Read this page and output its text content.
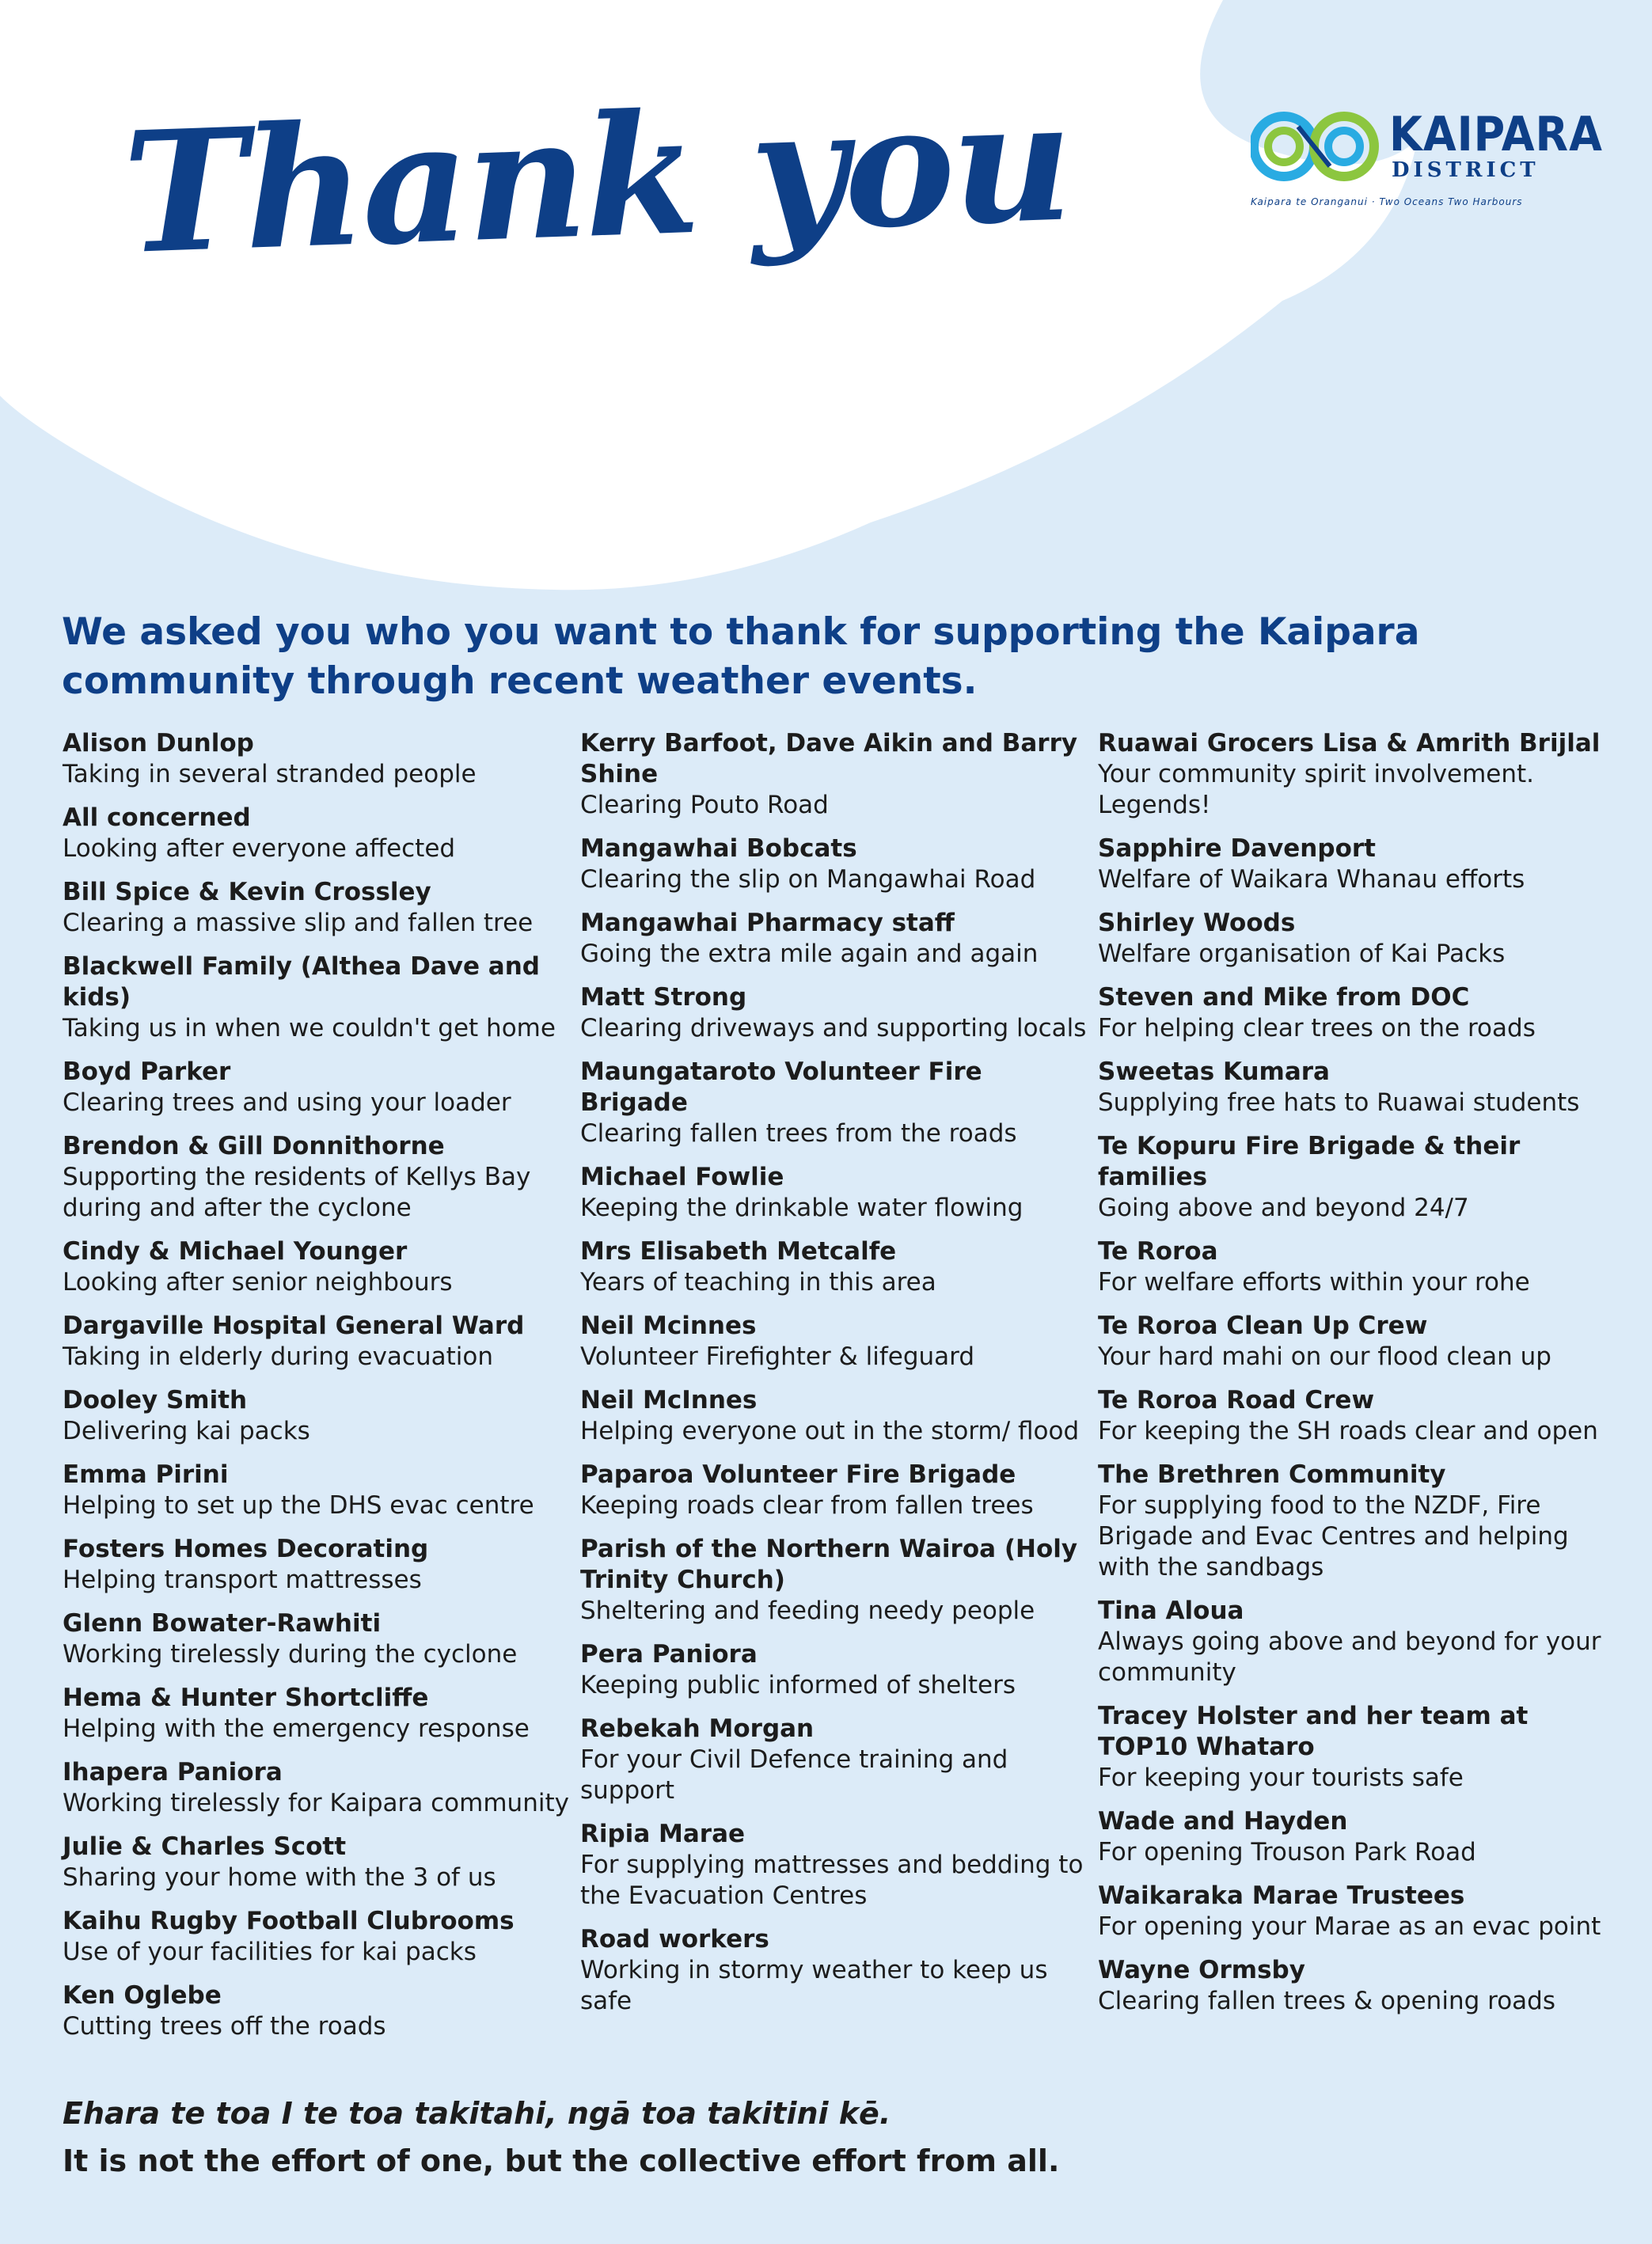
Thank you	KAIPARA
DISTRICT
Kaipara te Oranganui · Two Oceans Two Harbours
We asked you who you want to thank for supporting the Kaipara community through recent weather events.
Alison Dunlop
Taking in several stranded people
All concerned
Looking after everyone affected
Bill Spice & Kevin Crossley
Clearing a massive slip and fallen tree
Blackwell Family (Althea Dave and kids)
Taking us in when we couldn't get home
Boyd Parker
Clearing trees and using your loader
Brendon & Gill Donnithorne
Supporting the residents of Kellys Bay during and after the cyclone
Cindy & Michael Younger
Looking after senior neighbours
Dargaville Hospital General Ward
Taking in elderly during evacuation
Dooley Smith
Delivering kai packs
Emma Pirini
Helping to set up the DHS evac centre
Fosters Homes Decorating
Helping transport mattresses
Glenn Bowater-Rawhiti
Working tirelessly during the cyclone
Hema & Hunter Shortcliffe
Helping with the emergency response
Ihapera Paniora
Working tirelessly for Kaipara community
Julie & Charles Scott
Sharing your home with the 3 of us
Kaihu Rugby Football Clubrooms
Use of your facilities for kai packs
Ken Oglebe
Cutting trees off the roads
Kerry Barfoot, Dave Aikin and Barry Shine
Clearing Pouto Road
Mangawhai Bobcats
Clearing the slip on Mangawhai Road
Mangawhai Pharmacy staff
Going the extra mile again and again
Matt Strong
Clearing driveways and supporting locals
Maungataroto Volunteer Fire Brigade
Clearing fallen trees from the roads
Michael Fowlie
Keeping the drinkable water flowing
Mrs Elisabeth Metcalfe
Years of teaching in this area
Neil Mcinnes
Volunteer Firefighter & lifeguard
Neil McInnes
Helping everyone out in the storm/ flood
Paparoa Volunteer Fire Brigade
Keeping roads clear from fallen trees
Parish of the Northern Wairoa (Holy Trinity Church)
Sheltering and feeding needy people
Pera Paniora
Keeping public informed of shelters
Rebekah Morgan
For your Civil Defence training and support
Ripia Marae
For supplying mattresses and bedding to the Evacuation Centres
Road workers
Working in stormy weather to keep us safe
Ruawai Grocers Lisa & Amrith Brijlal
Your community spirit involvement. Legends!
Sapphire Davenport
Welfare of Waikara Whanau efforts
Shirley Woods
Welfare organisation of Kai Packs
Steven and Mike from DOC
For helping clear trees on the roads
Sweetas Kumara
Supplying free hats to Ruawai students
Te Kopuru Fire Brigade & their families
Going above and beyond 24/7
Te Roroa
For welfare efforts within your rohe
Te Roroa Clean Up Crew
Your hard mahi on our flood clean up
Te Roroa Road Crew
For keeping the SH roads clear and open
The Brethren Community
For supplying food to the NZDF, Fire Brigade and Evac Centres and helping with the sandbags
Tina Aloua
Always going above and beyond for your community
Tracey Holster and her team at TOP10 Whataro
For keeping your tourists safe
Wade and Hayden
For opening Trouson Park Road
Waikaraka Marae Trustees
For opening your Marae as an evac point
Wayne Ormsby
Clearing fallen trees & opening roads
Ehara te toa I te toa takitahi, ngā toa takitini kē.
It is not the effort of one, but the collective effort from all.
